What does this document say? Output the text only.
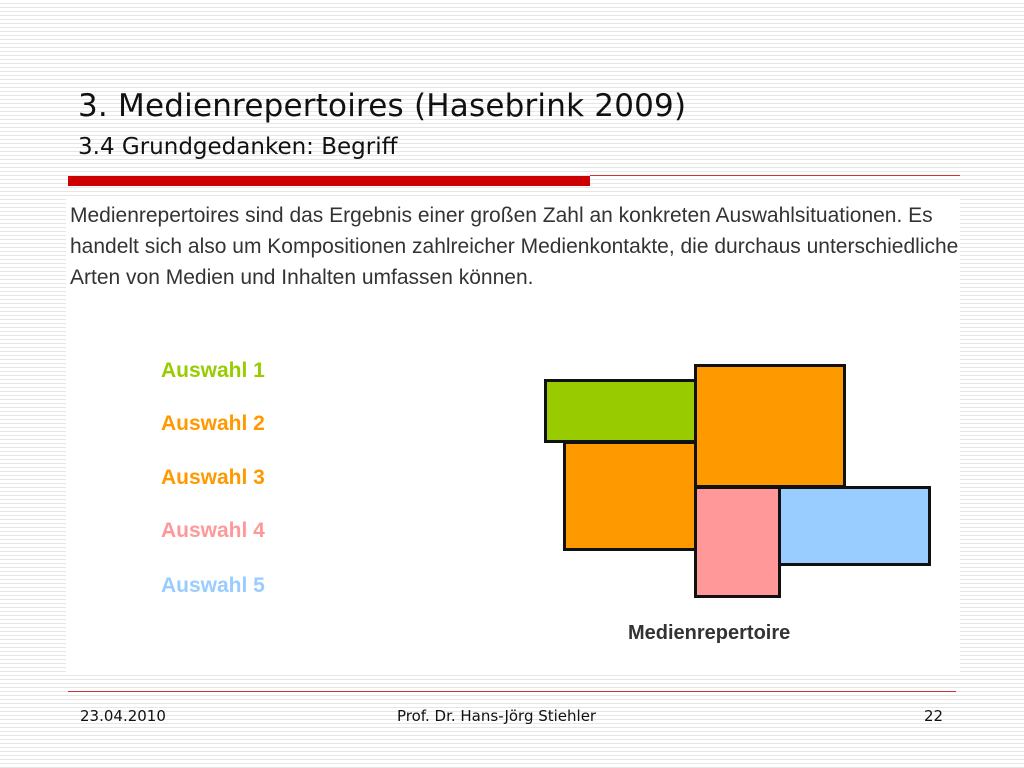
3. Medienrepertoires (Hasebrink 2009)
3.4 Grundgedanken: Begriff

Medienrepertoires sind das Ergebnis einer großen Zahl an konkreten Auswahlsituationen. Es handelt sich also um Kompositionen zahlreicher Medienkontakte, die durchaus unterschiedliche Arten von Medien und Inhalten umfassen können.

Auswahl 1
Auswahl 2
Auswahl 3
Auswahl 4
Auswahl 5
Medienrepertoire
23.04.2010	Prof. Dr. Hans-Jörg Stiehler	22
